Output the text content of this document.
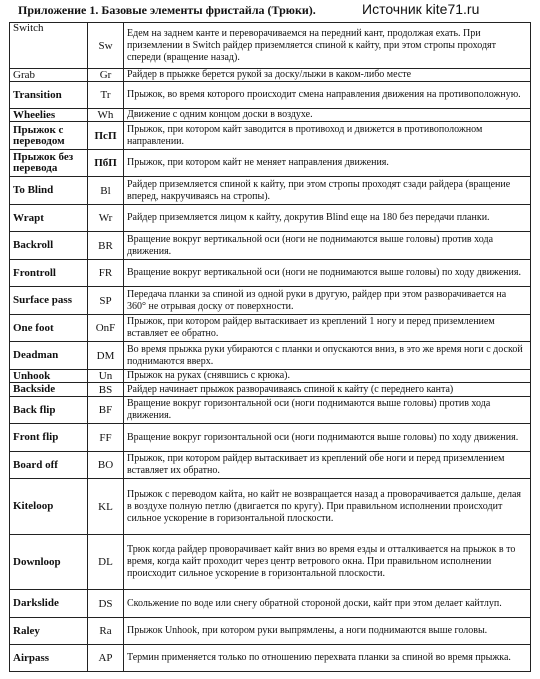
Приложение 1. Базовые элементы фристайла (Трюки).	Источник kite71.ru
Switch	Sw	Едем на заднем канте и переворачиваемся на передний кант, продолжая ехать. При приземлении в Switch райдер приземляется спиной к кайту, при этом стропы проходят спереди (вращение назад).
Grab	Gr	Райдер в прыжке берется рукой за доску/лыжи в каком-либо месте
Transition	Tr	Прыжок, во время которого происходит смена направления движения на противоположную.
Wheelies	Wh	Движение с одним концом доски в воздухе.
Прыжок с переводом	ПсП	Прыжок, при котором кайт заводится в противоход и движется в противоположном направлении.
Прыжок без перевода	ПбП	Прыжок, при котором кайт не меняет направления движения.
To Blind	Bl	Райдер приземляется спиной к кайту, при этом стропы проходят сзади райдера (вращение вперед, накручиваясь на стропы).
Wrapt	Wr	Райдер приземляется лицом к кайту, докрутив Blind еще на 180 без передачи планки.
Backroll	BR	Вращение вокруг вертикальной оси (ноги не поднимаются выше головы) против хода движения.
Frontroll	FR	Вращение вокруг вертикальной оси (ноги не поднимаются выше головы) по ходу движения.
Surface pass	SP	Передача планки за спиной из одной руки в другую, райдер при этом разворачивается на 360° не отрывая доску от поверхности.
One foot	OnF	Прыжок, при котором райдер вытаскивает из креплений 1 ногу и перед приземлением вставляет ее обратно.
Deadman	DM	Во время прыжка руки убираются с планки и опускаются вниз, в это же время ноги с доской поднимаются вверх.
Unhook	Un	Прыжок на руках (снявшись с крюка).
Backside	BS	Райдер начинает прыжок разворачиваясь спиной к кайту (с переднего канта)
Back flip	BF	Вращение вокруг горизонтальной оси (ноги поднимаются выше головы) против хода движения.
Front flip	FF	Вращение вокруг горизонтальной оси (ноги поднимаются выше головы) по ходу движения.
Board off	BO	Прыжок, при котором райдер вытаскивает из креплений обе ноги и перед приземлением вставляет их обратно.
Kiteloop	KL	Прыжок с переводом кайта, но кайт не возвращается назад а проворачивается дальше, делая в воздухе полную петлю (двигается по кругу). При правильном исполнении происходит сильное ускорение в горизонтальной плоскости.
Downloop	DL	Трюк когда райдер проворачивает кайт вниз во время езды и отталкивается на прыжок в то время, когда кайт проходит через центр ветрового окна. При правильном исполнении происходит сильное ускорение в горизонтальной плоскости.
Darkslide	DS	Скольжение по воде или снегу обратной стороной доски, кайт при этом делает кайтлуп.
Raley	Ra	Прыжок Unhook, при котором руки выпрямлены, а ноги поднимаются выше головы.
Airpass	AP	Термин применяется только по отношению перехвата планки за спиной во время прыжка.
